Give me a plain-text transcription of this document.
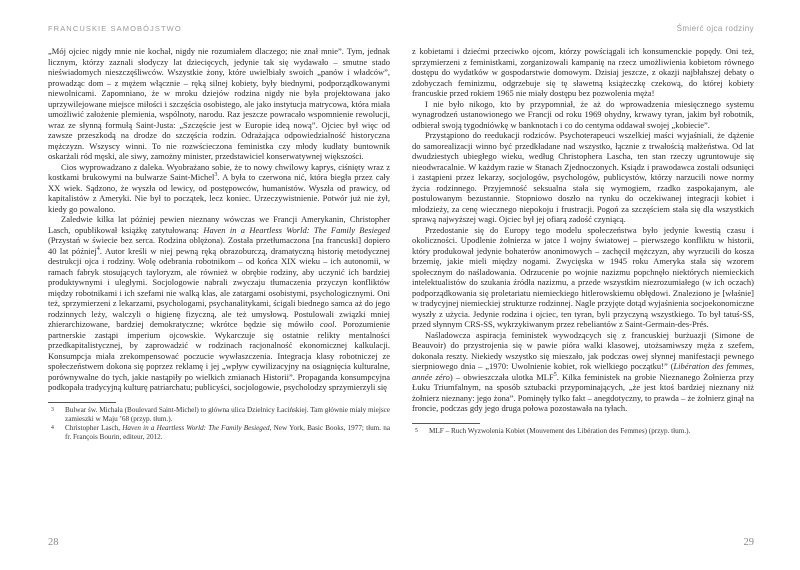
FRANCUSKIE SAMOBÓJSTWO

„Mój ojciec nigdy mnie nie kochał, nigdy nie rozumiałem dlaczego; nie znał mnie”. Tym, jednak licznym, którzy zaznali słodyczy lat dziecięcych, jedynie tak się wydawało – smutne stado nieświadomych nieszczęśliwców. Wszystkie żony, które uwielbiały swoich „panów i władców”, prowadząc dom – z mężem włącznie – ręką silnej kobiety, były biednymi, podporządkowanymi niewolnicami. Zapomniano, że w mroku dziejów rodzina nigdy nie była projektowana jako uprzywilejowane miejsce miłości i szczęścia osobistego, ale jako instytucja matrycowa, która miała umożliwić założenie plemienia, wspólnoty, narodu. Raz jeszcze powracało wspomnienie rewolucji, wraz ze słynną formułą Saint-Justa: „Szczęście jest w Europie ideą nową”. Ojciec był więc od zawsze przeszkodą na drodze do szczęścia rodzin. Odrażająca odpowiedzialność historyczna mężczyzn. Wszyscy winni. To nie rozwścieczona feministka czy młody kudłaty buntownik oskarżali ród męski, ale siwy, zamożny minister, przedstawiciel konserwatywnej większości.

Cios wyprowadzano z daleka. Wyobrażano sobie, że to nowy chwilowy kaprys, ciśnięty wraz z kostkami brukowymi na bulwarze Saint-Michel$^3$. A była to czerwona nić, która biegła przez cały XX wiek. Sądzono, że wyszła od lewicy, od postępowców, humanistów. Wyszła od prawicy, od kapitalistów z Ameryki. Nie był to początek, lecz koniec. Urzeczywistnienie. Potwór już nie żył, kiedy go powalono.

Zaledwie kilka lat później pewien nieznany wówczas we Francji Amerykanin, Christopher Lasch, opublikował książkę zatytułowaną: Haven in a Heartless World: The Family Besieged (Przystań w świecie bez serca. Rodzina oblężona). Została przetłumaczona [na francuski] dopiero 40 lat później$^4$. Autor kreśli w niej pewną ręką obrazoburczą, dramatyczną historię metodycznej destrukcji ojca i rodziny. Wolę odebrania robotnikom – od końca XIX wieku – ich autonomii, w ramach fabryk stosujących tayloryzm, ale również w obrębie rodziny, aby uczynić ich bardziej produktywnymi i uległymi. Socjologowie nabrali zwyczaju tłumaczenia przyczyn konfliktów między robotnikami i ich szefami nie walką klas, ale zatargami osobistymi, psychologicznymi. Oni też, sprzymierzeni z lekarzami, psychologami, psychanalitykami, ścigali biednego samca aż do jego rodzinnych leży, walczyli o higienę fizyczną, ale też umysłową. Postulowali związki mniej zhierarchizowane, bardziej demokratyczne; wkrótce będzie się mówiło cool. Porozumienie partnerskie zastąpi imperium ojcowskie. Wykarczuje się ostatnie relikty mentalności przedkapitalistycznej, by zaprowadzić w rodzinach racjonalność ekonomicznej kalkulacji. Konsumpcja miała zrekompensować poczucie wywłaszczenia. Integracja klasy robotniczej ze społeczeństwem dokona się poprzez reklamę i jej „wpływ cywilizacyjny na osiągnięcia kulturalne, porównywalne do tych, jakie nastąpiły po wielkich zmianach Historii”. Propaganda konsumpcyjna podkopała tradycyjną kulturę patriarchatu; publicyści, socjologowie, psycholodzy sprzymierzyli się

3 Bulwar św. Michała (Boulevard Saint-Michel) to główna ulica Dzielnicy Łacińskiej. Tam głównie miały miejsce zamieszki w Maju ’68 (przyp. tłum.).
4 Christopher Lasch, Haven in a Heartless World: The Family Besieged, New York, Basic Books, 1977; tłum. na fr. François Bourin, editeur, 2012.
28
Śmierć ojca rodziny

z kobietami i dziećmi przeciwko ojcom, którzy powściągali ich konsumenckie popędy. Oni też, sprzymierzeni z feministkami, zorganizowali kampanię na rzecz umożliwienia kobietom równego dostępu do wydatków w gospodarstwie domowym. Dzisiaj jeszcze, z okazji najbłahszej debaty o zdobyczach feminizmu, odgrzebuje się tę sławetną książeczkę czekową, do której kobiety francuskie przed rokiem 1965 nie miały dostępu bez pozwolenia męża!

I nie było nikogo, kto by przypomniał, że aż do wprowadzenia miesięcznego systemu wynagrodzeń ustanowionego we Francji od roku 1969 ohydny, krwawy tyran, jakim był robotnik, odbierał swoją tygodniówkę w banknotach i co do centyma oddawał swojej „kobiecie”.

Przystąpiono do reedukacji rodziców. Psychoterapeuci wszelkiej maści wyjaśniali, że dążenie do samorealizacji winno być przedkładane nad wszystko, łącznie z trwałością małżeństwa. Od lat dwudziestych ubiegłego wieku, według Christophera Lascha, ten stan rzeczy ugruntowuje się nieodwracalnie. W każdym razie w Stanach Zjednoczonych. Ksiądz i prawodawca zostali odsunięci i zastąpieni przez lekarzy, socjologów, psychologów, publicystów, którzy narzucili nowe normy życia rodzinnego. Przyjemność seksualna stała się wymogiem, rzadko zaspokajanym, ale postulowanym bezustannie. Stopniowo doszło na rynku do oczekiwanej integracji kobiet i młodzieży, za cenę wiecznego niepokoju i frustracji. Pogoń za szczęściem stała się dla wszystkich sprawą najwyższej wagi. Ojciec był jej ofiarą zadość czyniącą.

Przedostanie się do Europy tego modelu społeczeństwa było jedynie kwestią czasu i okoliczności. Upodlenie żołnierza w jatce I wojny światowej – pierwszego konfliktu w historii, który produkował jedynie bohaterów anonimowych – zachęcił mężczyzn, aby wyrzucili do kosza brzemię, jakie mieli między nogami. Zwycięska w 1945 roku Ameryka stała się wzorem społecznym do naśladowania. Odrzucenie po wojnie nazizmu popchnęło niektórych niemieckich intelektualistów do szukania źródła nazizmu, a przede wszystkim niezrozumiałego (w ich oczach) podporządkowania się proletariatu niemieckiego hitlerowskiemu obłędowi. Znaleziono je [właśnie] w tradycyjnej niemieckiej strukturze rodzinnej. Nagle przyjęte dotąd wyjaśnienia socjoekonomiczne wyszły z użycia. Jedynie rodzina i ojciec, ten tyran, byli przyczyną wszystkiego. To był tatuś-SS, przed słynnym CRS-SS, wykrzykiwanym przez rebeliantów z Saint-Germain-des-Prés.

Naśladowcza aspiracja feministek wywodzących się z francuskiej burżuazji (Simone de Beauvoir) do przystrojenia się w pawie pióra walki klasowej, utożsamiwszy męża z szefem, dokonała reszty. Niekiedy wszystko się mieszało, jak podczas owej słynnej manifestacji pewnego sierpniowego dnia – „1970: Uwolnienie kobiet, rok wielkiego początku!” (Libération des femmes, année zéro) – obwieszczała ulotka MLF$^5$. Kilka feministek na grobie Nieznanego Żołnierza przy Łuku Triumfalnym, na sposób sztubacki przypominających, „że jest ktoś bardziej nieznany niż żołnierz nieznany: jego żona”. Pominęły tylko fakt – anegdotyczny, to prawda – że żołnierz ginął na froncie, podczas gdy jego druga połowa pozostawała na tyłach.

5 MLF – Ruch Wyzwolenia Kobiet (Mouvement des Libération des Femmes) (przyp. tłum.).
29
